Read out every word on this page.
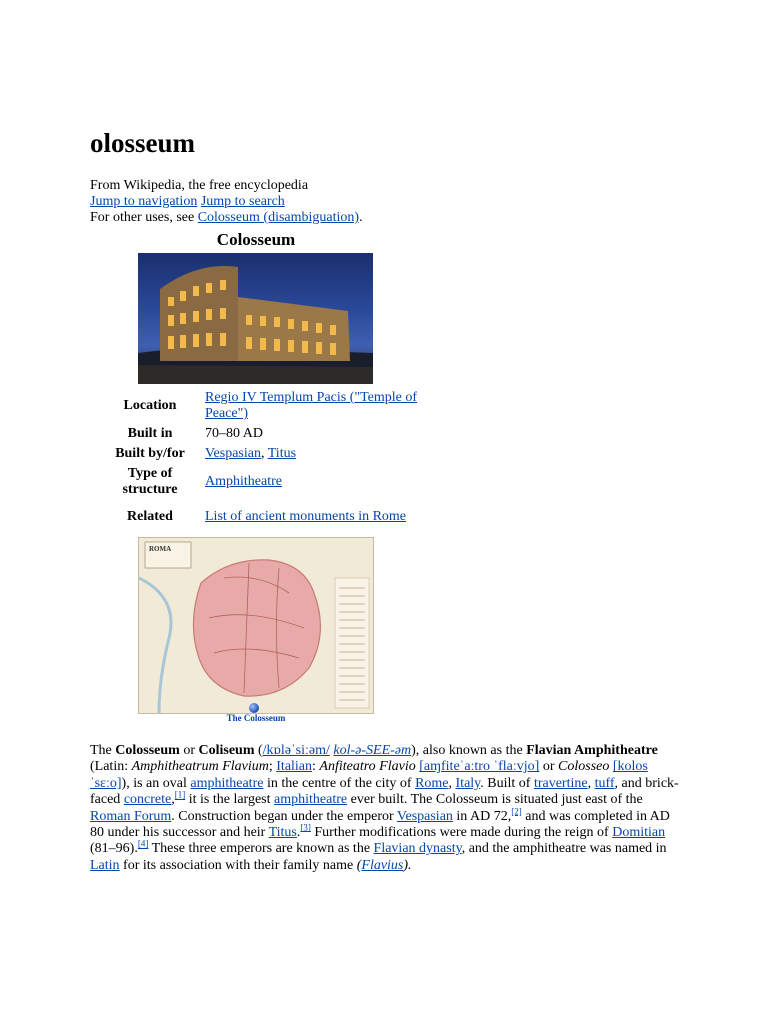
olosseum
From Wikipedia, the free encyclopedia
Jump to navigation Jump to search
For other uses, see Colosseum (disambiguation).
Colosseum
Location	Regio IV Templum Pacis ("Temple of Peace")
Built in	70–80 AD
Built by/for	Vespasian, Titus
Type of structure	Amphitheatre
Related	List of ancient monuments in Rome
ROMA
The Colosseum

The Colosseum or Coliseum (/kɒləˈsiːəm/ kol-ə-SEE-əm), also known as the Flavian Amphitheatre (Latin: Amphitheatrum Flavium; Italian: Anfiteatro Flavio [aɱfiteˈaːtro ˈflaːvjo] or Colosseo [kolosˈsɛːo]), is an oval amphitheatre in the centre of the city of Rome, Italy. Built of travertine, tuff, and brick-faced concrete,[1] it is the largest amphitheatre ever built. The Colosseum is situated just east of the Roman Forum. Construction began under the emperor Vespasian in AD 72,[2] and was completed in AD 80 under his successor and heir Titus.[3] Further modifications were made during the reign of Domitian (81–96).[4] These three emperors are known as the Flavian dynasty, and the amphitheatre was named in Latin for its association with their family name (Flavius).
